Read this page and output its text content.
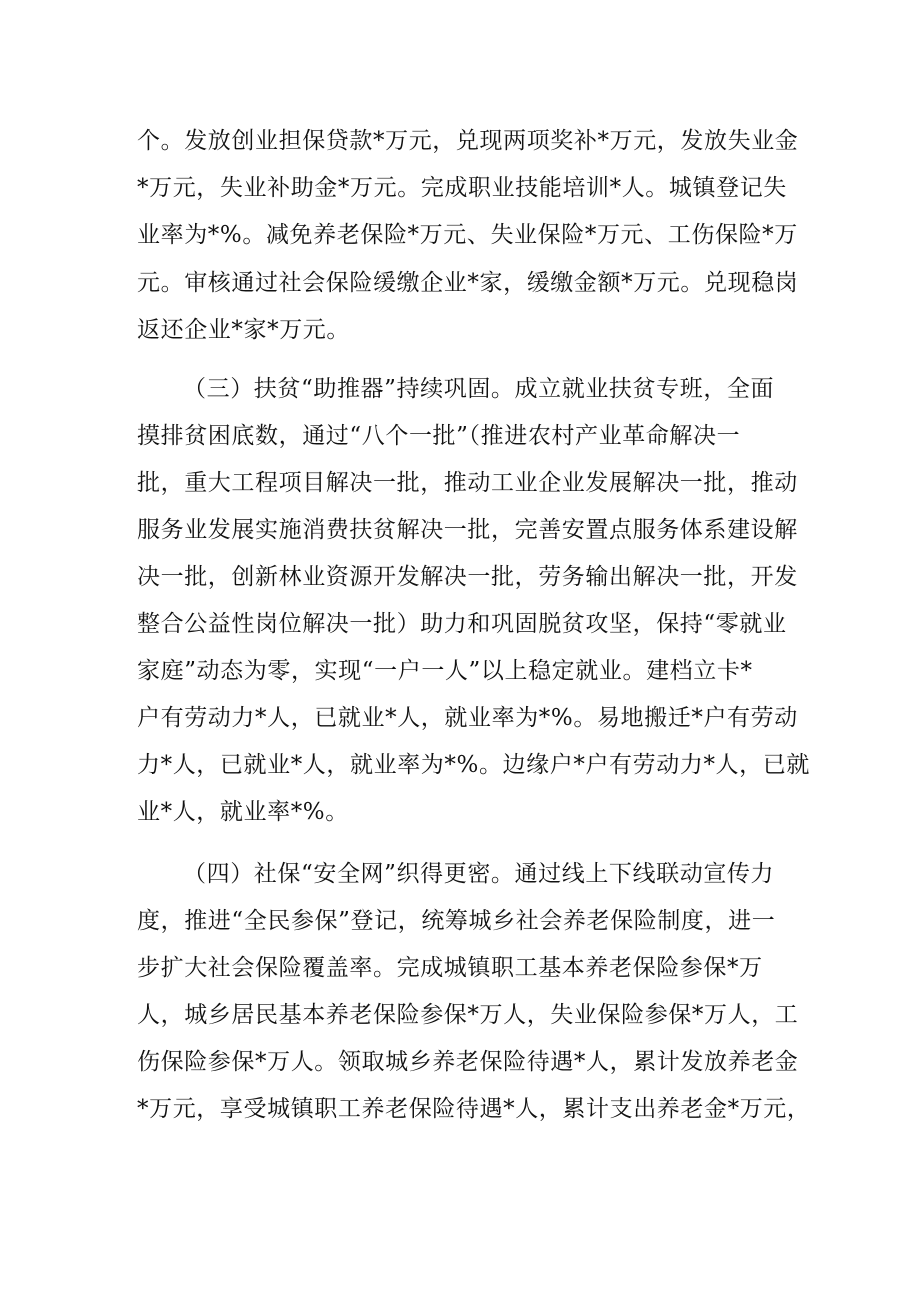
个。发放创业担保贷款*万元，兑现两项奖补*万元，发放失业金
*万元，失业补助金*万元。完成职业技能培训*人。城镇登记失
业率为*%。减免养老保险*万元、失业保险*万元、工伤保险*万
元。审核通过社会保险缓缴企业*家，缓缴金额*万元。兑现稳岗
返还企业*家*万元。
（三）扶贫“助推器”持续巩固。成立就业扶贫专班，全面
摸排贫困底数，通过“八个一批”（推进农村产业革命解决一
批，重大工程项目解决一批，推动工业企业发展解决一批，推动
服务业发展实施消费扶贫解决一批，完善安置点服务体系建设解
决一批，创新林业资源开发解决一批，劳务输出解决一批，开发
整合公益性岗位解决一批）助力和巩固脱贫攻坚，保持“零就业
家庭”动态为零，实现“一户一人”以上稳定就业。建档立卡*
户有劳动力*人，已就业*人，就业率为*%。易地搬迁*户有劳动
力*人，已就业*人，就业率为*%。边缘户*户有劳动力*人，已就
业*人，就业率*%。
（四）社保“安全网”织得更密。通过线上下线联动宣传力
度，推进“全民参保”登记，统筹城乡社会养老保险制度，进一
步扩大社会保险覆盖率。完成城镇职工基本养老保险参保*万
人，城乡居民基本养老保险参保*万人，失业保险参保*万人，工
伤保险参保*万人。领取城乡养老保险待遇*人，累计发放养老金
*万元，享受城镇职工养老保险待遇*人，累计支出养老金*万元，
